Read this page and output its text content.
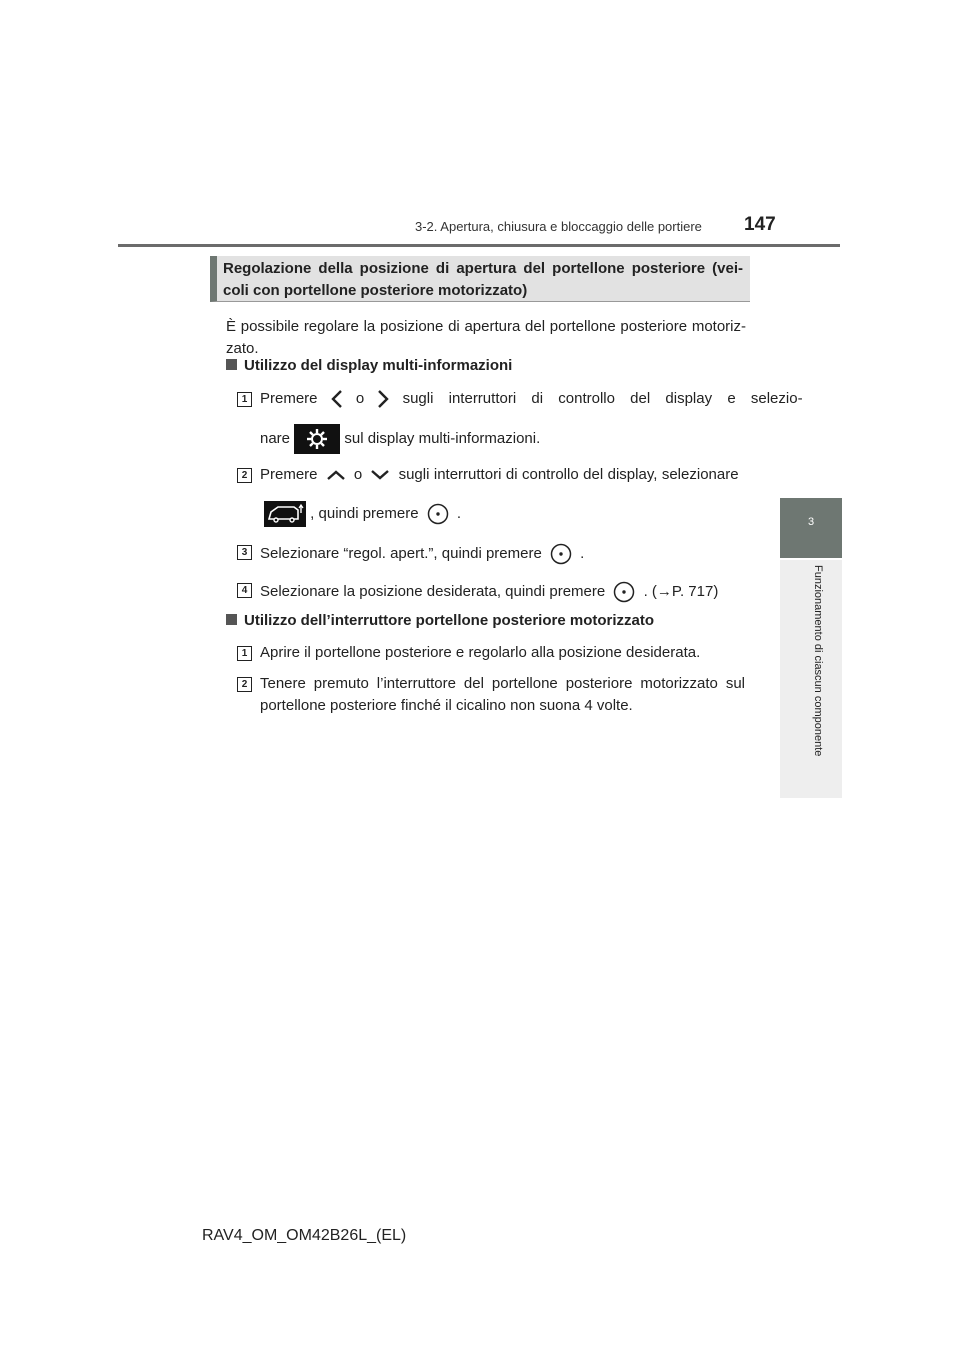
3-2. Apertura, chiusura e bloccaggio delle portiere 147
3
Funzionamento di ciascun componente
Regolazione della posizione di apertura del portellone posteriore (vei-coli con portellone posteriore motorizzato)
È possibile regolare la posizione di apertura del portellone posteriore motoriz-zato.
Utilizzo del display multi-informazioni
1 Premere	o	sugli interruttori di controllo del display e selezio-
nare	sul display multi-informazioni.
2 Premere o sugli interruttori di controllo del display, selezionare
, quindi premere	.
3 Selezionare “regol. apert.”, quindi premere	.
4 Selezionare la posizione desiderata, quindi premere	. (→P. 717)
Utilizzo dell’interruttore portellone posteriore motorizzato
1 Aprire il portellone posteriore e regolarlo alla posizione desiderata.
2 Tenere premuto l’interruttore del portellone posteriore motorizzato sul portellone posteriore finché il cicalino non suona 4 volte.
RAV4_OM_OM42B26L_(EL)
